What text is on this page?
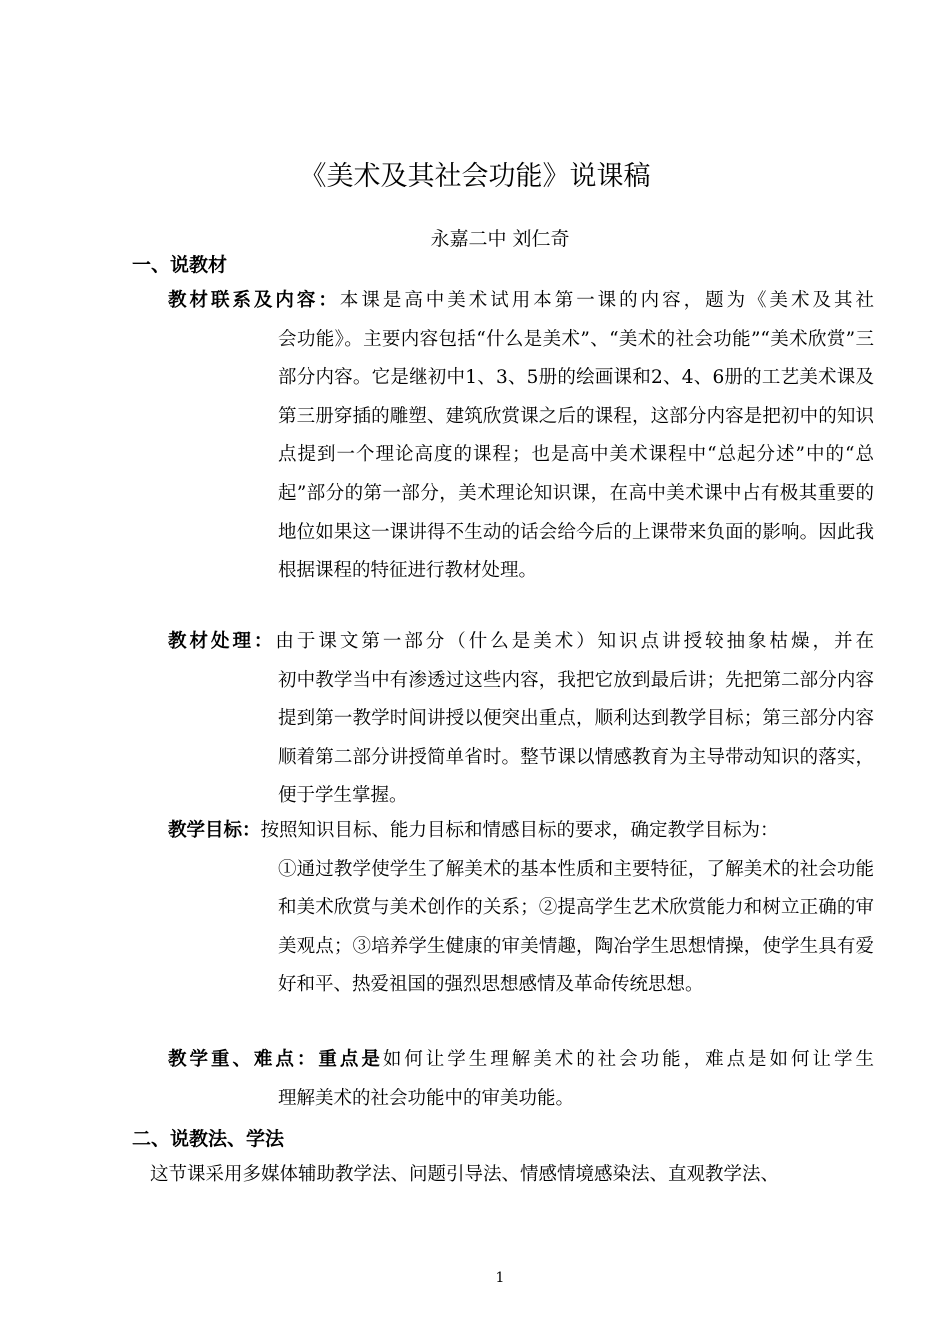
《美术及其社会功能》说课稿
永嘉二中 刘仁奇
一、说教材
教材联系及内容：本课是高中美术试用本第一课的内容，题为《美术及其社
会功能》。主要内容包括“什么是美术”、“美术的社会功能”“美术欣赏”三部分内容。它是继初中1、3、5册的绘画课和2、4、6册的工艺美术课及第三册穿插的雕塑、建筑欣赏课之后的课程，这部分内容是把初中的知识点提到一个理论高度的课程；也是高中美术课程中“总起分述”中的“总起”部分的第一部分，美术理论知识课，在高中美术课中占有极其重要的地位如果这一课讲得不生动的话会给今后的上课带来负面的影响。因此我根据课程的特征进行教材处理。
教材处理：由于课文第一部分（什么是美术）知识点讲授较抽象枯燥，并在
初中教学当中有渗透过这些内容，我把它放到最后讲；先把第二部分内容提到第一教学时间讲授以便突出重点，顺利达到教学目标；第三部分内容顺着第二部分讲授简单省时。整节课以情感教育为主导带动知识的落实，便于学生掌握。
教学目标：按照知识目标、能力目标和情感目标的要求，确定教学目标为：
①通过教学使学生了解美术的基本性质和主要特征，了解美术的社会功能和美术欣赏与美术创作的关系；②提高学生艺术欣赏能力和树立正确的审美观点；③培养学生健康的审美情趣，陶冶学生思想情操，使学生具有爱好和平、热爱祖国的强烈思想感情及革命传统思想。
教学重、难点：重点是如何让学生理解美术的社会功能，难点是如何让学生
理解美术的社会功能中的审美功能。
二、说教法、学法
这节课采用多媒体辅助教学法、问题引导法、情感情境感染法、直观教学法、
1
